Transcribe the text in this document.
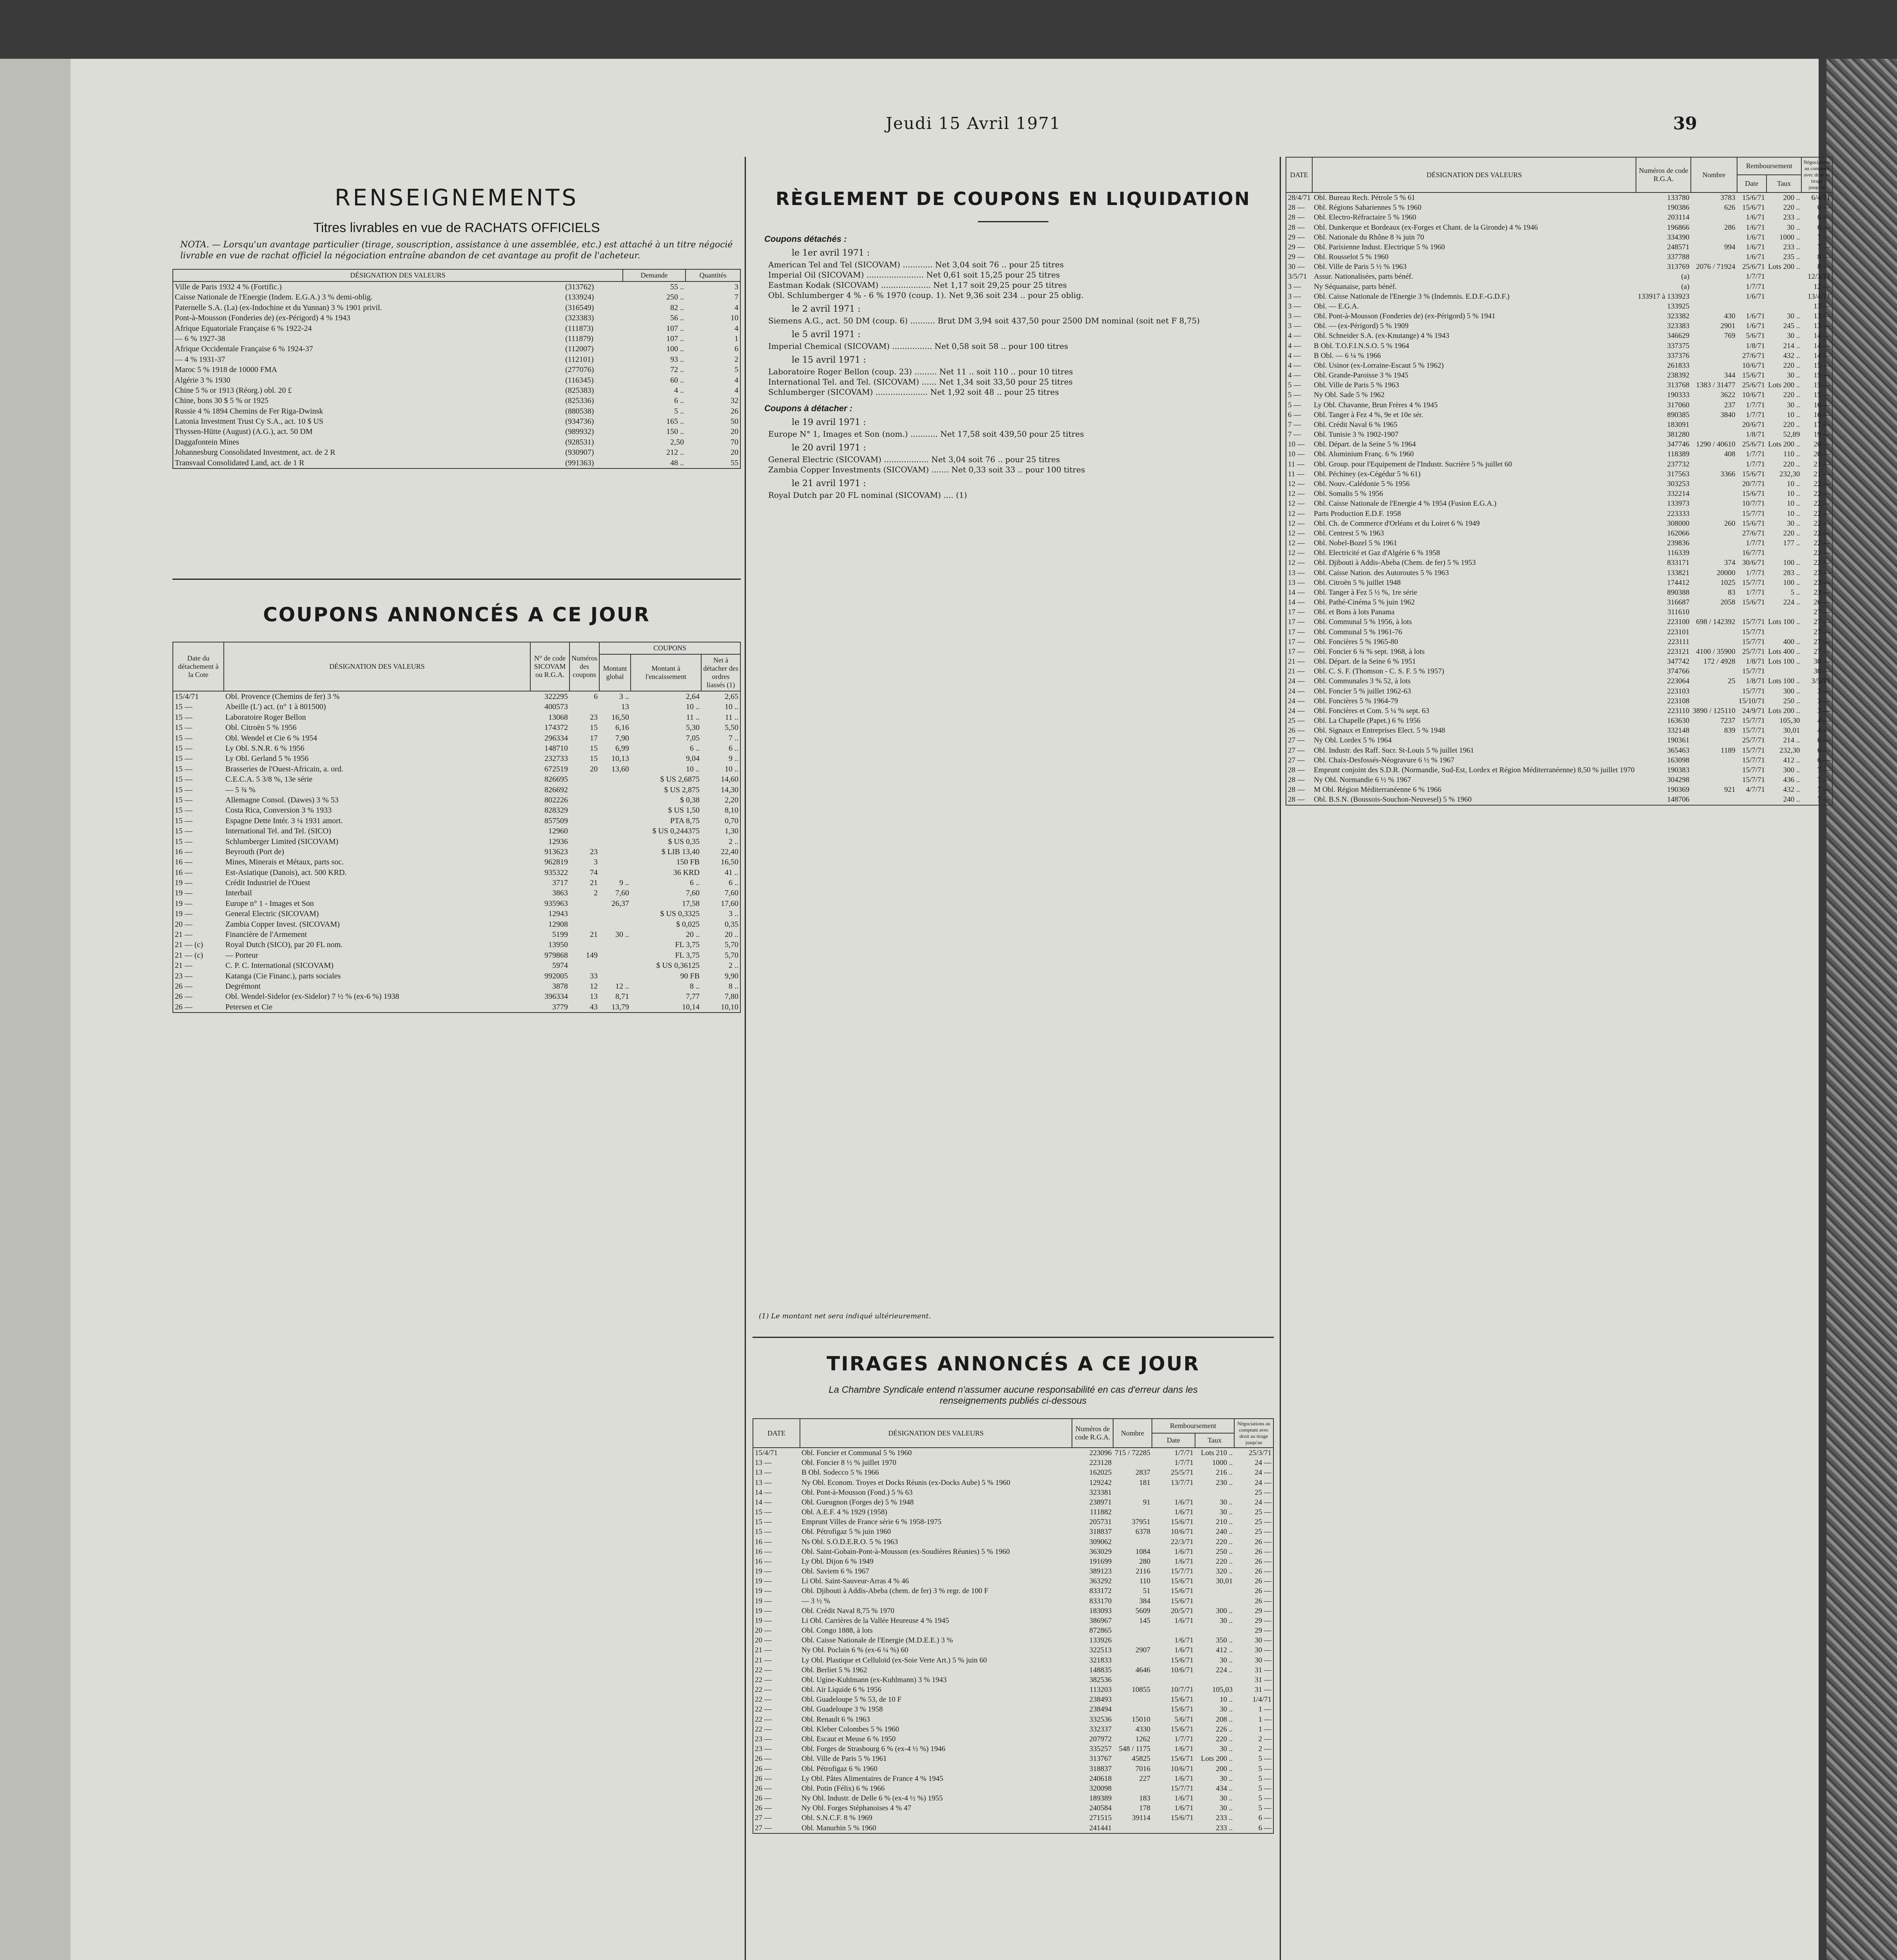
Jeudi 15 Avril 1971	39
RENSEIGNEMENTS
Titres livrables en vue de RACHATS OFFICIELS
NOTA. — Lorsqu'un avantage particulier (tirage, souscription, assistance à une assemblée, etc.) est attaché à un titre négocié livrable en vue de rachat officiel la négociation entraîne abandon de cet avantage au profit de l'acheteur.
DÉSIGNATION DES VALEURS		Demande	Quantités
Ville de Paris 1932 4 % (Fortific.)	(313762)	55 ..	3
Caisse Nationale de l'Energie (Indem. E.G.A.) 3 % demi-oblig.	(133924)	250 ..	7
Paternelle S.A. (La) (ex-Indochine et du Yunnan) 3 % 1901 privil.	(316549)	82 ..	4
Pont-à-Mousson (Fonderies de) (ex-Périgord) 4 % 1943	(323383)	56 ..	10
Afrique Equatoriale Française 6 % 1922-24	(111873)	107 ..	4
— 6 % 1927-38	(111879)	107 ..	1
Afrique Occidentale Française 6 % 1924-37	(112007)	100 ..	6
— 4 % 1931-37	(112101)	93 ..	2
Maroc 5 % 1918 de 10000 FMA	(277076)	72 ..	5
Algérie 3 % 1930	(116345)	60 ..	4
Chine 5 % or 1913 (Réorg.) obl. 20 £	(825383)	4 ..	4
Chine, bons 30 $ 5 % or 1925	(825336)	6 ..	32
Russie 4 % 1894 Chemins de Fer Riga-Dwinsk	(880538)	5 ..	26
Latonia Investment Trust Cy S.A., act. 10 $ US	(934736)	165 ..	50
Thyssen-Hütte (August) (A.G.), act. 50 DM	(989932)	150 ..	20
Daggafontein Mines	(928531)	2,50	70
Johannesburg Consolidated Investment, act. de 2 R	(930907)	212 ..	20
Transvaal Consolidated Land, act. de 1 R	(991363)	48 ..	55
COUPONS ANNONCÉS A CE JOUR
Date du détachement à la Cote	DÉSIGNATION DES VALEURS	N° de code SICOVAM ou R.G.A.	Numéros des coupons	COUPONS		
				Montant global	Montant à l'encaissement	Net à détacher des ordres liassés (1)
15/4/71	Obl. Provence (Chemins de fer) 3 %	322295	6	3 ..	2,64	2,65
15 —	Abeille (L') act. (n° 1 à 801500)	400573		13	10 ..	10 ..
15 —	Laboratoire Roger Bellon	13068	23	16,50	11 ..	11 ..
15 —	Obl. Citroën 5 % 1956	174372	15	6,16	5,30	5,50
15 —	Obl. Wendel et Cie 6 % 1954	296334	17	7,90	7,05	7 ..
15 —	Ly Obl. S.N.R. 6 % 1956	148710	15	6,99	6 ..	6 ..
15 —	Ly Obl. Gerland 5 % 1956	232733	15	10,13	9,04	9 ..
15 —	Brasseries de l'Ouest-Africain, a. ord.	672519	20	13,60	10 ..	10 ..
15 —	C.E.C.A. 5 3/8 %, 13e série	826695			$ US 2,6875	14,60
15 —	— 5 ¾ %	826692			$ US 2,875	14,30
15 —	Allemagne Consol. (Dawes) 3 % 53	802226			$ 0,38	2,20
15 —	Costa Rica, Conversion 3 % 1933	828329			$ US 1,50	8,10
15 —	Espagne Dette Intér. 3 ¼ 1931 amort.	857509			PTA 8,75	0,70
15 —	International Tel. and Tel. (SICO)	12960			$ US 0,244375	1,30
15 —	Schlumberger Limited (SICOVAM)	12936			$ US 0,35	2 ..
16 —	Beyrouth (Port de)	913623	23		$ LIB 13,40	22,40
16 —	Mines, Minerais et Métaux, parts soc.	962819	3		150 FB	16,50
16 —	Est-Asiatique (Danois), act. 500 KRD.	935322	74		36 KRD	41 ..
19 —	Crédit Industriel de l'Ouest	3717	21	9 ..	6 ..	6 ..
19 —	Interbail	3863	2	7,60	7,60	7,60
19 —	Europe n° 1 - Images et Son	935963		26,37	17,58	17,60
19 —	General Electric (SICOVAM)	12943			$ US 0,3325	3 ..
20 —	Zambia Copper Invest. (SICOVAM)	12908			$ 0,025	0,35
21 —	Financière de l'Armement	5199	21	30 ..	20 ..	20 ..
21 — (c)	Royal Dutch (SICO), par 20 FL nom.	13950			FL 3,75	5,70
21 — (c)	— Porteur	979868	149		FL 3,75	5,70
21 —	C. P. C. International (SICOVAM)	5974			$ US 0,36125	2 ..
23 —	Katanga (Cie Financ.), parts sociales	992005	33		90 FB	9,90
26 —	Degrémont	3878	12	12 ..	8 ..	8 ..
26 —	Obl. Wendel-Sidelor (ex-Sidelor) 7 ½ % (ex-6 %) 1938	396334	13	8,71	7,77	7,80
26 —	Petersen et Cie	3779	43	13,79	10,14	10,10
RÈGLEMENT DE COUPONS EN LIQUIDATION
Coupons détachés :
le 1er avril 1971 :
American Tel and Tel (SICOVAM) ............ Net 3,04 soit 76 .. pour 25 titres
Imperial Oil (SICOVAM) ....................... Net 0,61 soit 15,25 pour 25 titres
Eastman Kodak (SICOVAM) .................... Net 1,17 soit 29,25 pour 25 titres
Obl. Schlumberger 4 % - 6 % 1970 (coup. 1). Net 9,36 soit 234 .. pour 25 oblig.
le 2 avril 1971 :
Siemens A.G., act. 50 DM (coup. 6) .......... Brut DM 3,94 soit 437,50 pour 2500 DM nominal (soit net F 8,75)
le 5 avril 1971 :
Imperial Chemical (SICOVAM) ................ Net 0,58 soit 58 .. pour 100 titres
le 15 avril 1971 :
Laboratoire Roger Bellon (coup. 23) ......... Net 11 .. soit 110 .. pour 10 titres
International Tel. and Tel. (SICOVAM) ...... Net 1,34 soit 33,50 pour 25 titres
Schlumberger (SICOVAM) ..................... Net 1,92 soit 48 .. pour 25 titres
Coupons à détacher :
le 19 avril 1971 :
Europe N° 1, Images et Son (nom.) ........... Net 17,58 soit 439,50 pour 25 titres
le 20 avril 1971 :
General Electric (SICOVAM) .................. Net 3,04 soit 76 .. pour 25 titres
Zambia Copper Investments (SICOVAM) ....... Net 0,33 soit 33 .. pour 100 titres
le 21 avril 1971 :
Royal Dutch par 20 FL nominal (SICOVAM) .... (1)
(1) Le montant net sera indiqué ultérieurement.
TIRAGES ANNONCÉS A CE JOUR
La Chambre Syndicale entend n'assumer aucune responsabilité en cas d'erreur dans les renseignements publiés ci-dessous
DATE	DÉSIGNATION DES VALEURS	Numéros de code R.G.A.	Nombre	Remboursement		Négociations au comptant avec droit au tirage jusqu'au
				Date	Taux	
15/4/71	Obl. Foncier et Communal 5 % 1960	223096	715 / 72285	1/7/71	Lots 210 ..	25/3/71
13 —	Obl. Foncier 8 ½ % juillet 1970	223128		1/7/71	1000 ..	24 —
13 —	B Obl. Sodecco 5 % 1966	162025	2837	25/5/71	216 ..	24 —
13 —	Ny Obl. Econom. Troyes et Docks Réunis (ex-Docks Aube) 5 % 1960	129242	181	13/7/71	230 ..	24 —
14 —	Obl. Pont-à-Mousson (Fond.) 5 % 63	323381				25 —
14 —	Obl. Gueugnon (Forges de) 5 % 1948	238971	91	1/6/71	30 ..	24 —
15 —	Obl. A.E.F. 4 % 1929 (1958)	111882		1/6/71	30 ..	25 —
15 —	Emprunt Villes de France série 6 % 1958-1975	205731	37951	15/6/71	210 ..	25 —
15 —	Obl. Pétrofigaz 5 % juin 1960	318837	6378	10/6/71	240 ..	25 —
16 —	Ns Obl. S.O.D.E.R.O. 5 % 1963	309062		22/3/71	220 ..	26 —
16 —	Obl. Saint-Gobain-Pont-à-Mousson (ex-Soudières Réunies) 5 % 1960	363029	1084	1/6/71	250 ..	26 —
16 —	Ly Obl. Dijon 6 % 1949	191699	280	1/6/71	220 ..	26 —
19 —	Obl. Saviem 6 % 1967	389123	2116	15/7/71	320 ..	26 —
19 —	Li Obl. Saint-Sauveur-Arras 4 % 46	363292	110	15/6/71	30,01	26 —
19 —	Obl. Djibouti à Addis-Abeba (chem. de fer) 3 % regr. de 100 F	833172	51	15/6/71		26 —
19 —	— 3 ½ %	833170	384	15/6/71		26 —
19 —	Obl. Crédit Naval 8,75 % 1970	183093	5609	20/5/71	300 ..	29 —
19 —	Li Obl. Carrières de la Vallée Heureuse 4 % 1945	386967	145	1/6/71	30 ..	29 —
20 —	Obl. Congo 1888, à lots	872865				29 —
20 —	Obl. Caisse Nationale de l'Energie (M.D.E.E.) 3 %	133926		1/6/71	350 ..	30 —
21 —	Ny Obl. Poclain 6 % (ex-6 ¼ %) 60	322513	2907	1/6/71	412 ..	30 —
21 —	Ly Obl. Plastique et Celluloïd (ex-Soie Verte Art.) 5 % juin 60	321833		15/6/71	30 ..	30 —
22 —	Obl. Berliet 5 % 1962	148835	4646	10/6/71	224 ..	31 —
22 —	Obl. Ugine-Kuhlmann (ex-Kuhlmann) 3 % 1943	382536				31 —
22 —	Obl. Air Liquide 6 % 1956	113203	10855	10/7/71	105,03	31 —
22 —	Obl. Guadeloupe 5 % 53, de 10 F	238493		15/6/71	10 ..	1/4/71
22 —	Obl. Guadeloupe 3 % 1958	238494		15/6/71	30 ..	1 —
22 —	Obl. Renault 6 % 1963	332536	15010	5/6/71	208 ..	1 —
22 —	Obl. Kleber Colombes 5 % 1960	332337	4330	15/6/71	226 ..	1 —
23 —	Obl. Escaut et Meuse 6 % 1950	207972	1262	1/7/71	220 ..	2 —
23 —	Obl. Forges de Strasbourg 6 % (ex-4 ½ %) 1946	335257	548 / 1175	1/6/71	30 ..	2 —
26 —	Obl. Ville de Paris 5 % 1961	313767	45825	15/6/71	Lots 200 ..	5 —
26 —	Obl. Pétrofigaz 6 % 1960	318837	7016	10/6/71	200 ..	5 —
26 —	Ly Obl. Pâtes Alimentaires de France 4 % 1945	240618	227	1/6/71	30 ..	5 —
26 —	Obl. Potin (Félix) 6 % 1966	320098		15/7/71	434 ..	5 —
26 —	Ny Obl. Industr. de Delle 6 % (ex-4 ½ %) 1955	189389	183	1/6/71	30 ..	5 —
26 —	Ny Obl. Forges Stéphanoises 4 % 47	240584	178	1/6/71	30 ..	5 —
27 —	Obl. S.N.C.F. 8 % 1969	271515	39114	15/6/71	233 ..	6 —
27 —	Obl. Manurhin 5 % 1960	241441			233 ..	6 —
DATE	DÉSIGNATION DES VALEURS	Numéros de code R.G.A.	Nombre	Remboursement		Négociations au comptant avec droit au tirage jusqu'au
				Date	Taux	
28/4/71	Obl. Bureau Rech. Pétrole 5 % 61	133780	3783	15/6/71	200 ..	6/4/71
28 —	Obl. Régions Sahariennes 5 % 1960	190386	626	15/6/71	220 ..	6 —
28 —	Obl. Electro-Réfractaire 5 % 1960	203114		1/6/71	233 ..	6 —
28 —	Obl. Dunkerque et Bordeaux (ex-Forges et Chant. de la Gironde) 4 % 1946	196866	286	1/6/71	30 ..	6 —
29 —	Obl. Nationale du Rhône 8 ¾ juin 70	334390		1/6/71	1000 ..	7 —
29 —	Obl. Parisienne Indust. Electrique 5 % 1960	248571	994	1/6/71	233 ..	7 —
29 —	Obl. Rousselot 5 % 1960	337788		1/6/71	235 ..	8 —
30 —	Obl. Ville de Paris 5 ½ % 1963	313769	2076 / 71924	25/6/71	Lots 200 ..	8 —
3/5/71	Assur. Nationalisées, parts bénéf.	(a)		1/7/71		12/3/71
3 —	Ny Séquanaise, parts bénéf.	(a)		1/7/71		12 —
3 —	Obl. Caisse Nationale de l'Energie 3 % (Indemnis. E.D.F.-G.D.F.)	133917 à 133923		1/6/71		13/4/71
3 —	Obl. — E.G.A.	133925				13 —
3 —	Obl. Pont-à-Mousson (Fonderies de) (ex-Périgord) 5 % 1941	323382	430	1/6/71	30 ..	13 —
3 —	Obl. — (ex-Périgord) 5 % 1909	323383	2901	1/6/71	245 ..	13 —
4 —	Obl. Schneider S.A. (ex-Knutange) 4 % 1943	346629	769	5/6/71	30 ..	14 —
4 —	B Obl. T.O.F.I.N.S.O. 5 % 1964	337375		1/8/71	214 ..	14 —
4 —	B Obl. — 6 ¼ % 1966	337376		27/6/71	432 ..	14 —
4 —	Obl. Usinor (ex-Lorraine-Escaut 5 % 1962)	261833		10/6/71	220 ..	15 —
4 —	Obl. Grande-Paroisse 3 % 1945	238392	344	15/6/71	30 ..	15 —
5 —	Obl. Ville de Paris 5 % 1963	313768	1383 / 31477	25/6/71	Lots 200 ..	15 —
5 —	Ny Obl. Sade 5 % 1962	190333	3622	10/6/71	220 ..	15 —
5 —	Ly Obl. Chavanne, Brun Frères 4 % 1945	317060	237	1/7/71	30 ..	16 —
6 —	Obl. Tanger à Fez 4 %, 9e et 10e sér.	890385	3840	1/7/71	10 ..	16 —
7 —	Obl. Crédit Naval 6 % 1965	183091		20/6/71	220 ..	17 —
7 —	Obl. Tunisie 3 % 1902-1907	381280		1/8/71	52,89	19 —
10 —	Obl. Départ. de la Seine 5 % 1964	347746	1290 / 40610	25/6/71	Lots 200 ..	20 —
10 —	Obl. Aluminium Franç. 6 % 1960	118389	408	1/7/71	110 ..	20 —
11 —	Obl. Group. pour l'Equipement de l'Industr. Sucrière 5 % juillet 60	237732		1/7/71	220 ..	21 —
11 —	Obl. Péchiney (ex-Cégédur 5 % 61)	317563	3366	15/6/71	232,30	21 —
12 —	Obl. Nouv.-Calédonie 5 % 1956	303253		20/7/71	10 ..	22 —
12 —	Obl. Somalis 5 % 1956	332214		15/6/71	10 ..	22 —
12 —	Obl. Caisse Nationale de l'Energie 4 % 1954 (Fusion E.G.A.)	133973		10/7/71	10 ..	22 —
12 —	Parts Production E.D.F. 1958	223333		15/7/71	10 ..	22 —
12 —	Obl. Ch. de Commerce d'Orléans et du Loiret 6 % 1949	308000	260	15/6/71	30 ..	22 —
12 —	Obl. Centrest 5 % 1963	162066		27/6/71	220 ..	22 —
12 —	Obl. Nobel-Bozel 5 % 1961	239836		1/7/71	177 ..	22 —
12 —	Obl. Electricité et Gaz d'Algérie 6 % 1958	116339		16/7/71		22 —
12 —	Obl. Djibouti à Addis-Abeba (Chem. de fer) 5 % 1953	833171	374	30/6/71	100 ..	22 —
13 —	Obl. Caisse Nation. des Autoroutes 5 % 1963	133821	20000	1/7/71	283 ..	23 —
13 —	Obl. Citroën 5 % juillet 1948	174412	1025	15/7/71	100 ..	23 —
14 —	Obl. Tanger à Fez 5 ½ %, 1re série	890388	83	1/7/71	5 ..	23 —
14 —	Obl. Pathé-Cinéma 5 % juin 1962	316687	2058	15/6/71	224 ..	26 —
17 —	Obl. et Bons à lots Panama	311610				27 —
17 —	Obl. Communal 5 % 1956, à lots	223100	698 / 142392	15/7/71	Lots 100 ..	27 —
17 —	Obl. Communal 5 % 1961-76	223101		15/7/71		27 —
17 —	Obl. Foncières 5 % 1965-80	223111		15/7/71	400 ..	27 —
17 —	Obl. Foncier 6 ¾ % sept. 1968, à lots	223121	4100 / 35900	25/7/71	Lots 400 ..	27 —
21 —	Obl. Départ. de la Seine 6 % 1951	347742	172 / 4928	1/8/71	Lots 100 ..	30 —
21 —	Obl. C. S. F. (Thomson - C. S. F. 5 % 1957)	374766		15/7/71		30 —
24 —	Obl. Communales 3 % 52, à lots	223064	25	1/8/71	Lots 100 ..	3/5/71
24 —	Obl. Foncier 5 % juillet 1962-63	223103		15/7/71	300 ..	3 —
24 —	Obl. Foncières 5 % 1964-79	223108		15/10/71	250 ..	3 —
24 —	Obl. Foncières et Com. 5 ¼ % sept. 63	223110	3890 / 125110	24/9/71	Lots 200 ..	3 —
25 —	Obl. La Chapelle (Papet.) 6 % 1956	163630	7237	15/7/71	105,30	4 —
26 —	Obl. Signaux et Entreprises Elect. 5 % 1948	332148	839	15/7/71	30,01	4 —
27 —	Ny Obl. Lordex 5 % 1964	190361		25/7/71	214 ..	6 —
27 —	Obl. Industr. des Raff. Sucr. St-Louis 5 % juillet 1961	365463	1189	15/7/71	232,30	6 —
27 —	Obl. Chaix-Desfossés-Néogravure 6 ½ % 1967	163098		15/7/71	412 ..	6 —
28 —	Emprunt conjoint des S.D.R. (Normandie, Sud-Est, Lordex et Région Méditerranéenne) 8,50 % juillet 1970	190383		15/7/71	300 ..	7 —
28 —	Ny Obl. Normandie 6 ½ % 1967	304298		15/7/71	436 ..	7 —
28 —	M Obl. Région Méditerranéenne 6 % 1966	190369	921	4/7/71	432 ..	7 —
28 —	Obl. B.S.N. (Boussois-Souchon-Neuvesel) 5 % 1960	148706			240 ..	7 —
